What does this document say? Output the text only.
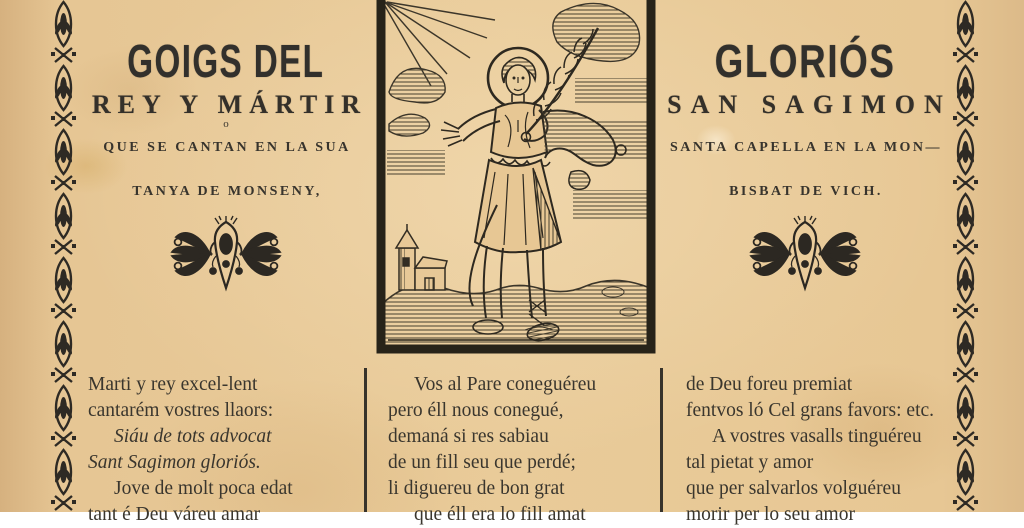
GOIGS DEL
REY Y MÁRTIR
o
QUE SE CANTAN EN LA SUA
TANYA DE MONSENY,
GLORIÓS
SAN SAGIMON

SANTA CAPELLA EN LA MON—
BISBAT DE VICH.

Marti y rey excel-lent

cantarém vostres llaors:

Siáu de tots advocat

Sant Sagimon gloriós.

Jove de molt poca edat

tant é Deu váreu amar

Vos al Pare coneguéreu

pero éll nous conegué,

demaná si res sabiau

de un fill seu que perdé;

li diguereu de bon grat

que éll era lo fill amat

de Deu foreu premiat

fentvos ló Cel grans favors: etc.

A vostres vasalls tinguéreu

tal pietat y amor

que per salvarlos volguéreu

morir per lo seu amor
